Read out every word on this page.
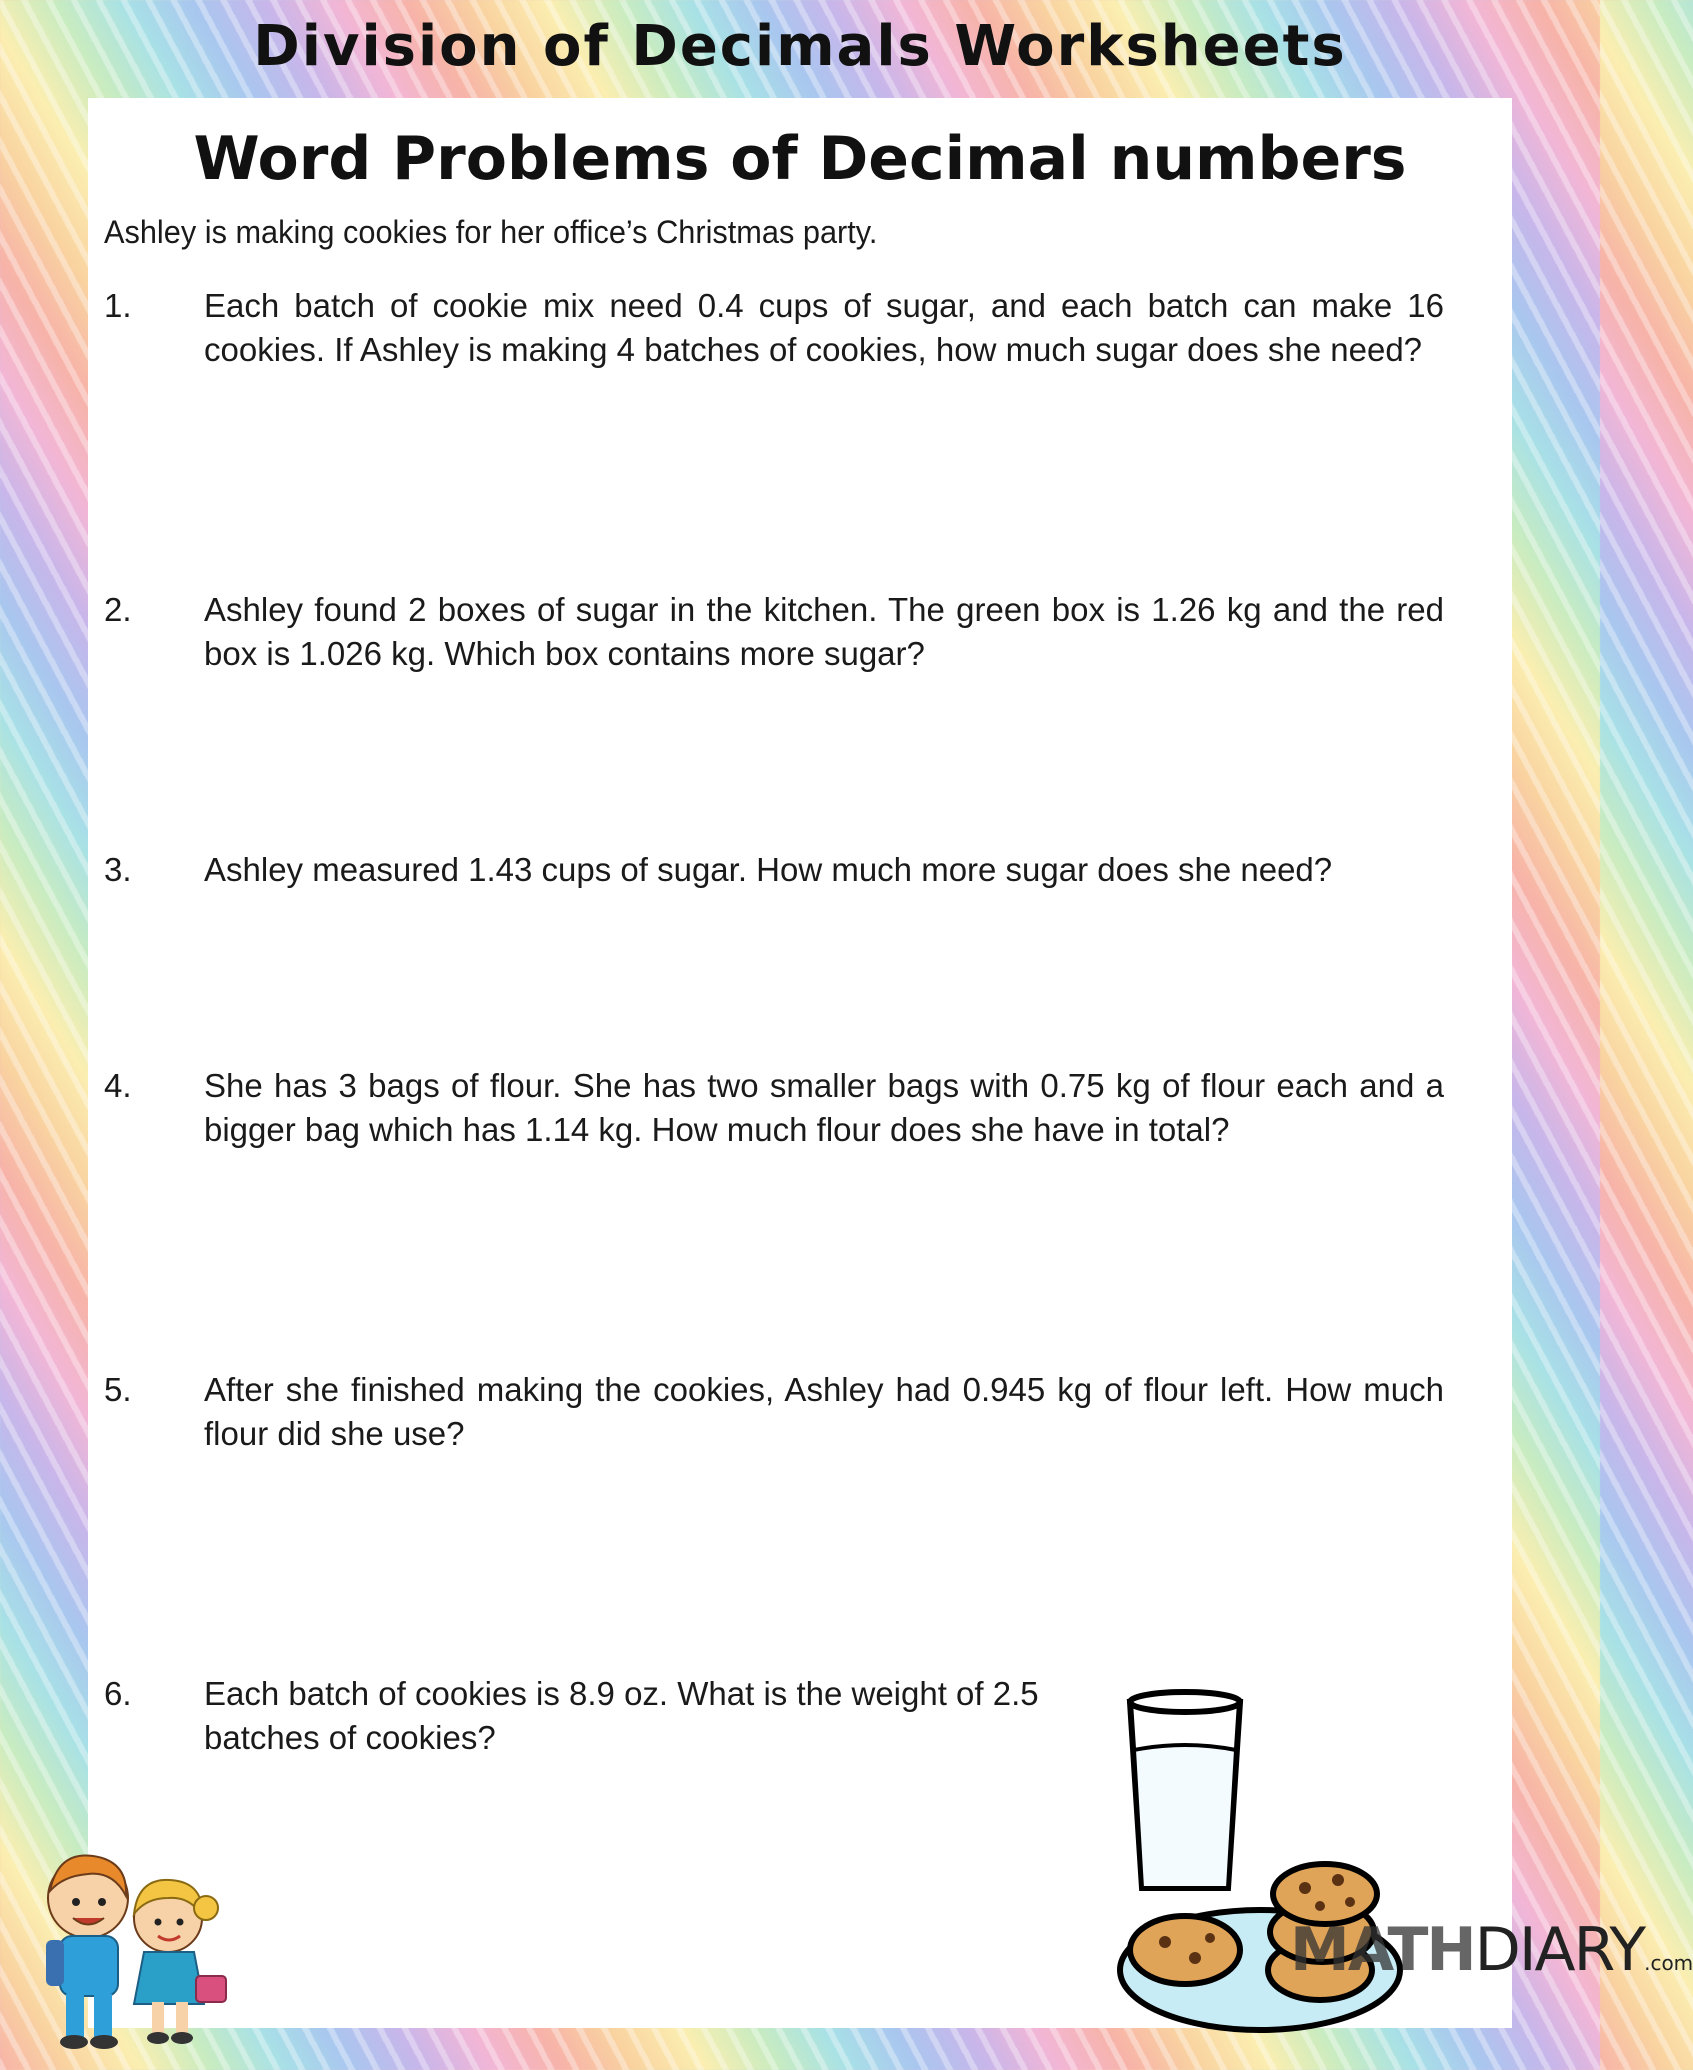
Division of Decimals Worksheets
Word Problems of Decimal numbers
Ashley is making cookies for her office’s Christmas party.
1.	Each batch of cookie mix need 0.4 cups of sugar, and each batch can make 16 cookies. If Ashley is making 4 batches of cookies, how much sugar does she need?
2.	Ashley found 2 boxes of sugar in the kitchen. The green box is 1.26 kg and the red box is 1.026 kg. Which box contains more sugar?
3.	Ashley measured 1.43 cups of sugar. How much more sugar does she need?
4.	She has 3 bags of flour. She has two smaller bags with 0.75 kg of flour each and a bigger bag which has 1.14 kg. How much flour does she have in total?
5.	After she finished making the cookies, Ashley had 0.945 kg of flour left. How much flour did she use?
6.	Each batch of cookies is 8.9 oz. What is the weight of 2.5 batches of cookies?
MATHDIARY.com
